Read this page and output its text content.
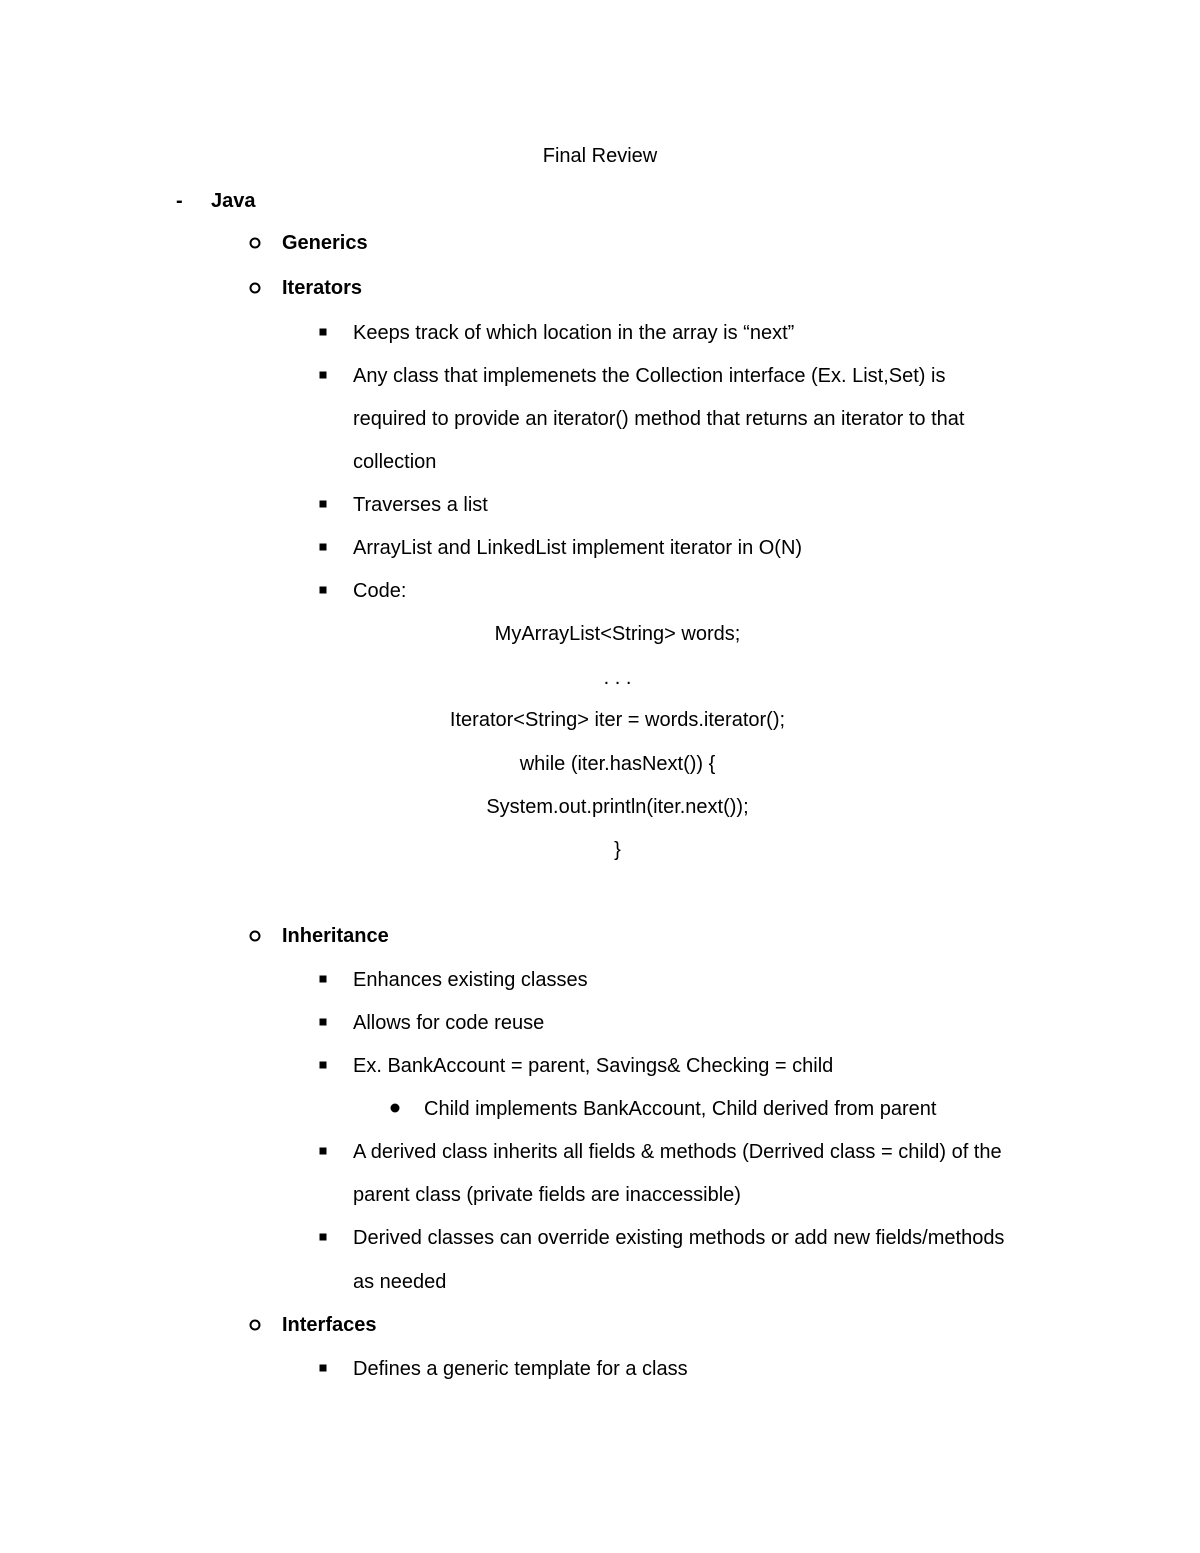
Final Review
- Java
Generics
Iterators
Keeps track of which location in the array is “next”
Any class that implemenets the Collection interface (Ex. List,Set) is
required to provide an iterator() method that returns an iterator to that
collection
Traverses a list
ArrayList and LinkedList implement iterator in O(N)
Code:
MyArrayList<String> words;
. . .
Iterator<String> iter = words.iterator();
while (iter.hasNext()) {
System.out.println(iter.next());
}
Inheritance
Enhances existing classes
Allows for code reuse
Ex. BankAccount = parent, Savings& Checking = child
Child implements BankAccount, Child derived from parent
A derived class inherits all fields & methods (Derrived class = child) of the
parent class (private fields are inaccessible)
Derived classes can override existing methods or add new fields/methods
as needed
Interfaces
Defines a generic template for a class
